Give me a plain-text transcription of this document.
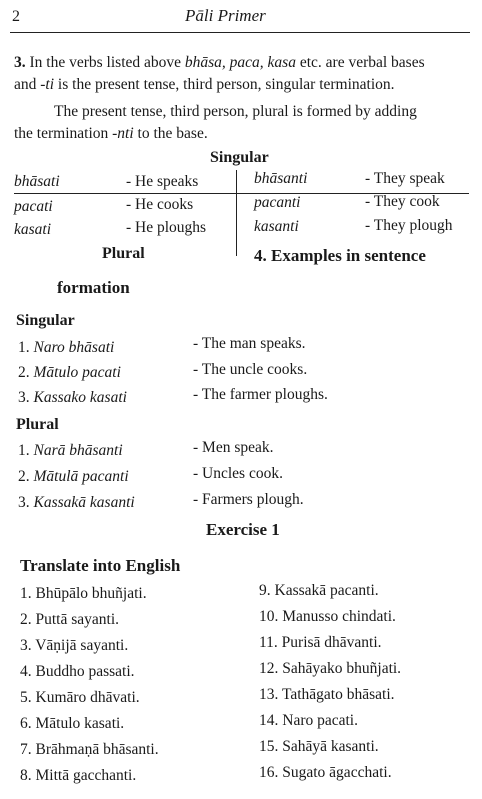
2	Pāli Primer
3. In the verbs listed above bhāsa, paca, kasa etc. are verbal bases
and -ti is the present tense, third person, singular termination.
The present tense, third person, plural is formed by adding
the termination -nti to the base.
Singular
bhāsati	- He speaks
pacati	- He cooks
kasati	- He ploughs
bhāsanti	- They speak
pacanti	- They cook
kasanti	- They plough
Plural	4. Examples in sentence
formation
Singular
1. Naro bhāsati	- The man speaks.
2. Mātulo pacati	- The uncle cooks.
3. Kassako kasati	- The farmer ploughs.
Plural
1. Narā bhāsanti	- Men speak.
2. Mātulā pacanti	- Uncles cook.
3. Kassakā kasanti	- Farmers plough.
Exercise 1
Translate into English
1. Bhūpālo bhuñjati.
2. Puttā sayanti.
3. Vāṇijā sayanti.
4. Buddho passati.
5. Kumāro dhāvati.
6. Mātulo kasati.
7. Brāhmaṇā bhāsanti.
8. Mittā gacchanti.
9. Kassakā pacanti.
10. Manusso chindati.
11. Purisā dhāvanti.
12. Sahāyako bhuñjati.
13. Tathāgato bhāsati.
14. Naro pacati.
15. Sahāyā kasanti.
16. Sugato āgacchati.
